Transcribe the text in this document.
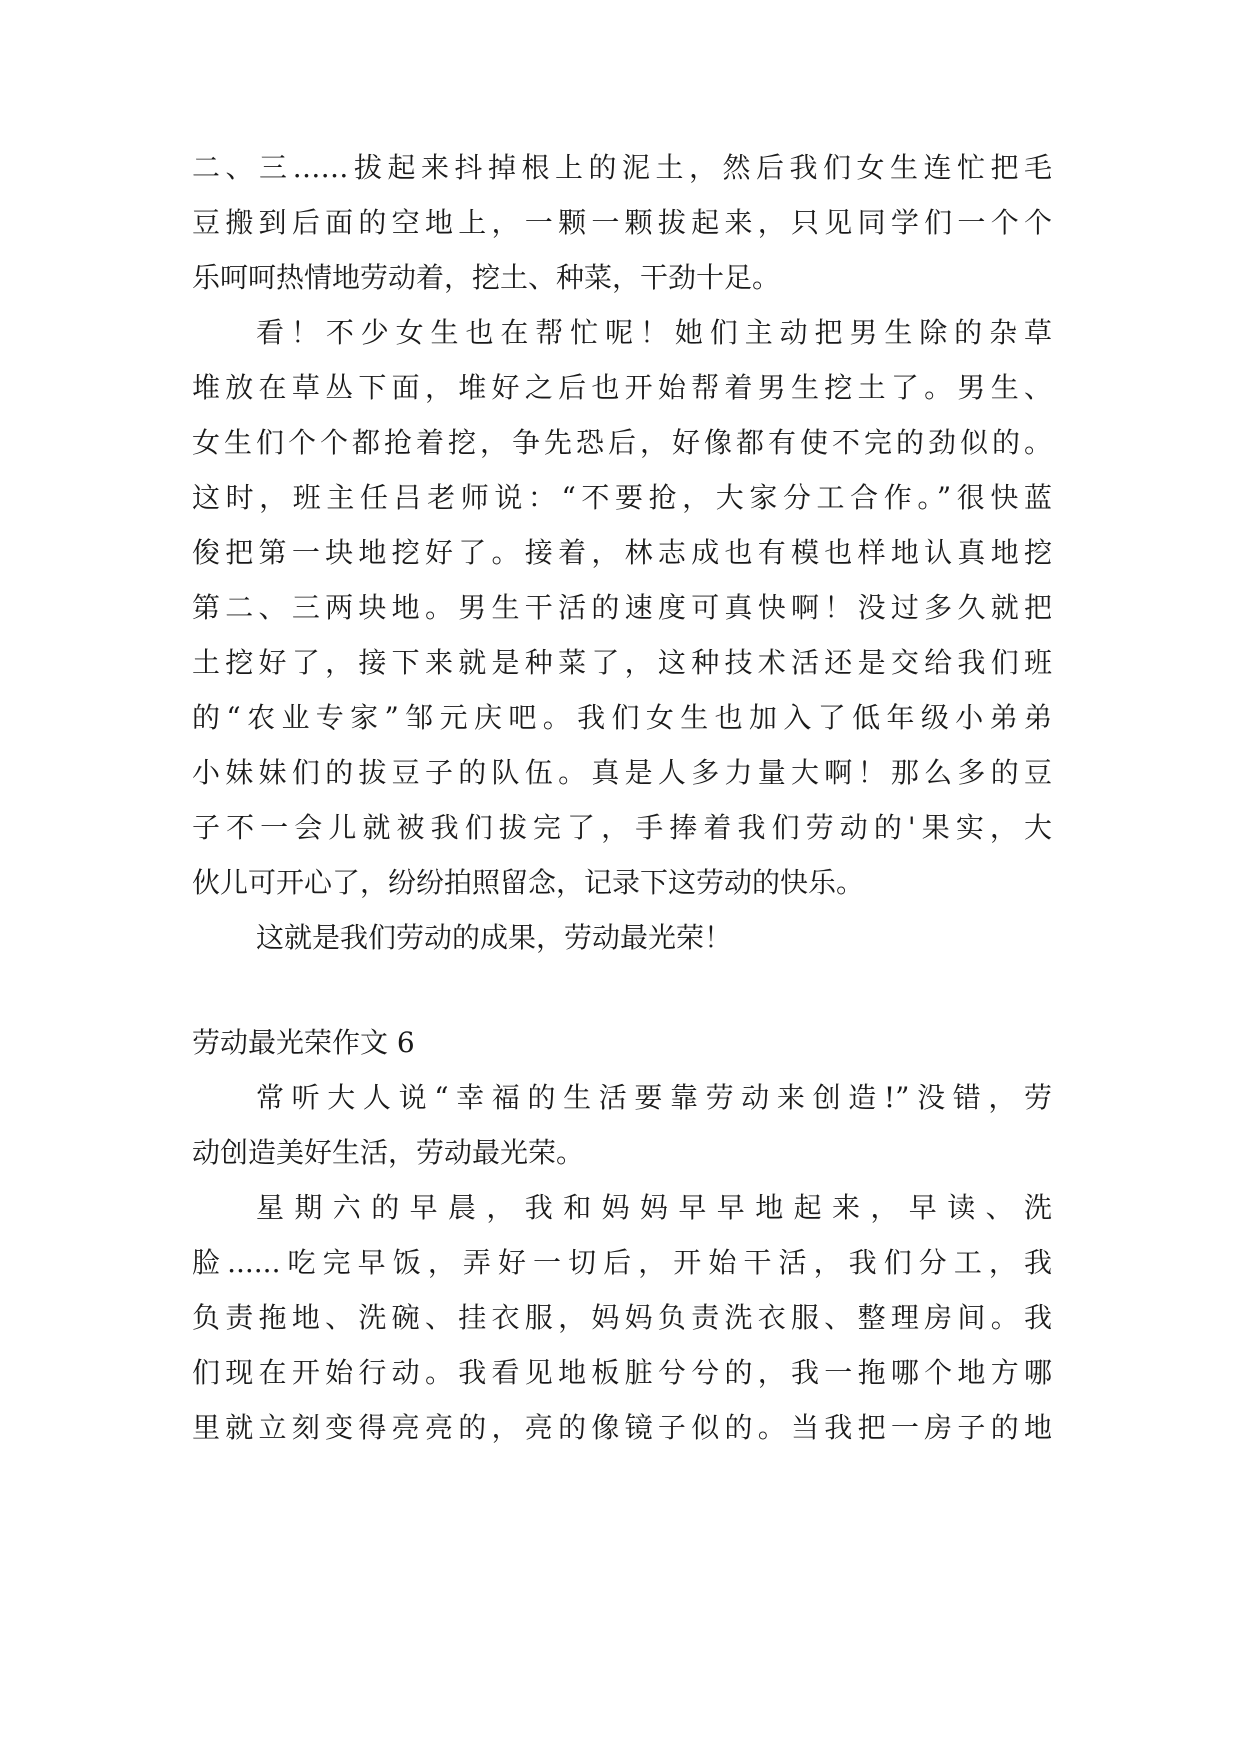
二、三……拔起来抖掉根上的泥土，然后我们女生连忙把毛
豆搬到后面的空地上，一颗一颗拔起来，只见同学们一个个
乐呵呵热情地劳动着，挖土、种菜，干劲十足。
看！不少女生也在帮忙呢！她们主动把男生除的杂草
堆放在草丛下面，堆好之后也开始帮着男生挖土了。男生、
女生们个个都抢着挖，争先恐后，好像都有使不完的劲似的。
这时，班主任吕老师说：“不要抢，大家分工合作。”很快蓝
俊把第一块地挖好了。接着，林志成也有模也样地认真地挖
第二、三两块地。男生干活的速度可真快啊！没过多久就把
土挖好了，接下来就是种菜了，这种技术活还是交给我们班
的“农业专家”邹元庆吧。我们女生也加入了低年级小弟弟
小妹妹们的拔豆子的队伍。真是人多力量大啊！那么多的豆
子不一会儿就被我们拔完了，手捧着我们劳动的'果实，大
伙儿可开心了，纷纷拍照留念，记录下这劳动的快乐。
这就是我们劳动的成果，劳动最光荣！
劳动最光荣作文 6
常听大人说“幸福的生活要靠劳动来创造!”没错，劳
动创造美好生活，劳动最光荣。
星期六的早晨，我和妈妈早早地起来，早读、洗
脸......吃完早饭，弄好一切后，开始干活，我们分工，我
负责拖地、洗碗、挂衣服，妈妈负责洗衣服、整理房间。我
们现在开始行动。我看见地板脏兮兮的，我一拖哪个地方哪
里就立刻变得亮亮的，亮的像镜子似的。当我把一房子的地
